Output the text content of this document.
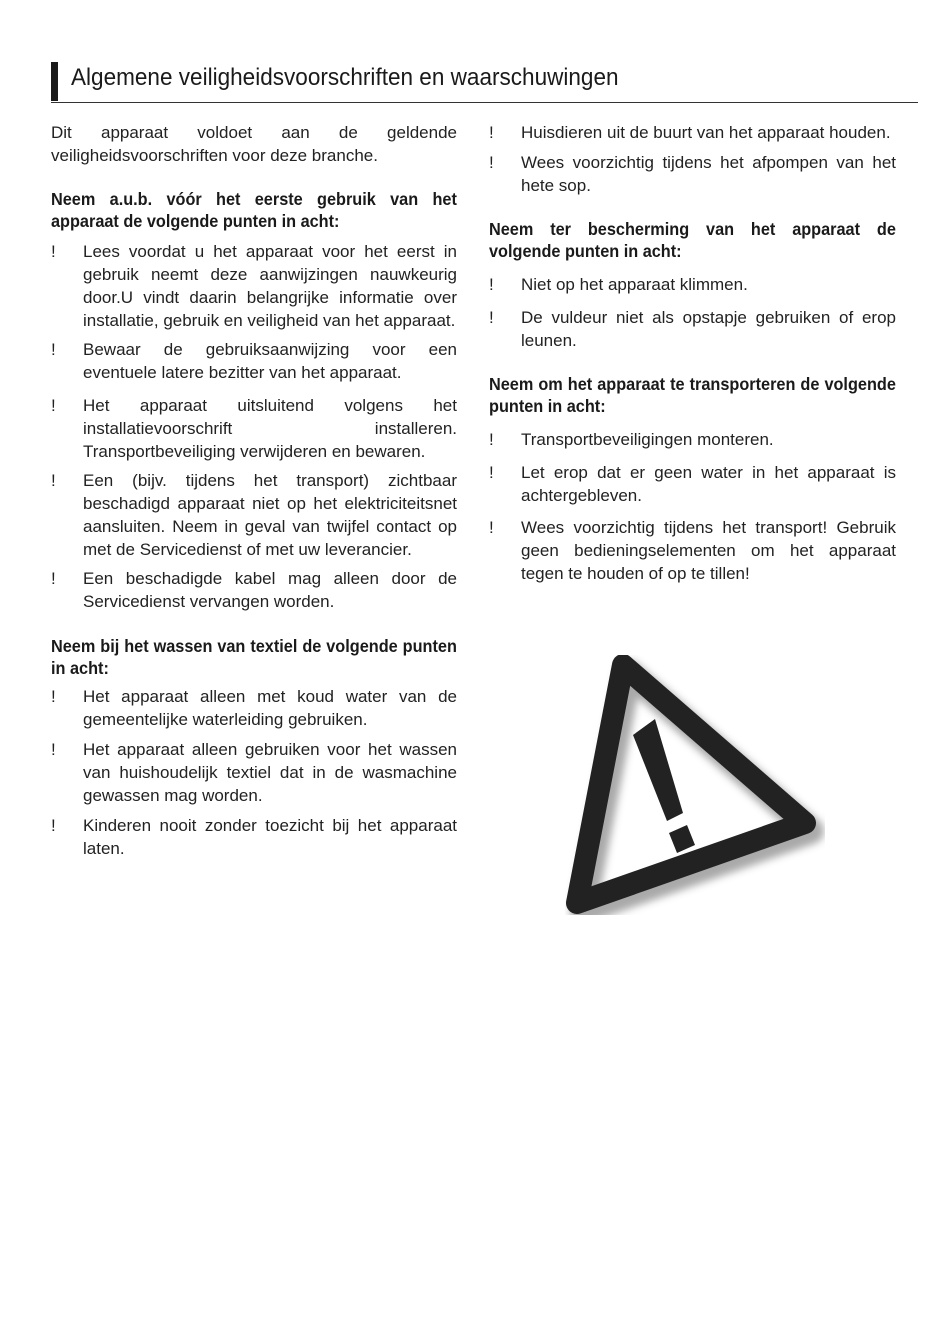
Algemene veiligheidsvoorschriften en waarschuwingen

Dit apparaat voldoet aan de geldende veiligheidsvoorschriften voor deze branche.

Neem a.u.b. vóór het eerste gebruik van het apparaat de volgende punten in acht:

! Lees voordat u het apparaat voor het eerst in gebruik neemt deze aanwijzingen nauwkeurig door.U vindt daarin belangrijke informatie over installatie, gebruik en veiligheid van het apparaat.
! Bewaar de gebruiksaanwijzing voor een eventuele latere bezitter van het apparaat.
! Het apparaat uitsluitend volgens het installatievoorschrift installeren. Transportbeveiliging verwijderen en bewaren.
! Een (bijv. tijdens het transport) zichtbaar beschadigd apparaat niet op het elektriciteitsnet aansluiten. Neem in geval van twijfel contact op met de Servicedienst of met uw leverancier.
! Een beschadigde kabel mag alleen door de Servicedienst vervangen worden.

Neem bij het wassen van textiel de volgende punten in acht:

! Het apparaat alleen met koud water van de gemeentelijke waterleiding gebruiken.
! Het apparaat alleen gebruiken voor het wassen van huishoudelijk textiel dat in de wasmachine gewassen mag worden.
! Kinderen nooit zonder toezicht bij het apparaat laten.
! Huisdieren uit de buurt van het apparaat houden.
! Wees voorzichtig tijdens het afpompen van het hete sop.

Neem ter bescherming van het apparaat de volgende punten in acht:

! Niet op het apparaat klimmen.
! De vuldeur niet als opstapje gebruiken of erop leunen.

Neem om het apparaat te transporteren de volgende punten in acht:

! Transportbeveiligingen monteren.
! Let erop dat er geen water in het apparaat is achtergebleven.
! Wees voorzichtig tijdens het transport! Gebruik geen bedieningselementen om het apparaat tegen te houden of op te tillen!
